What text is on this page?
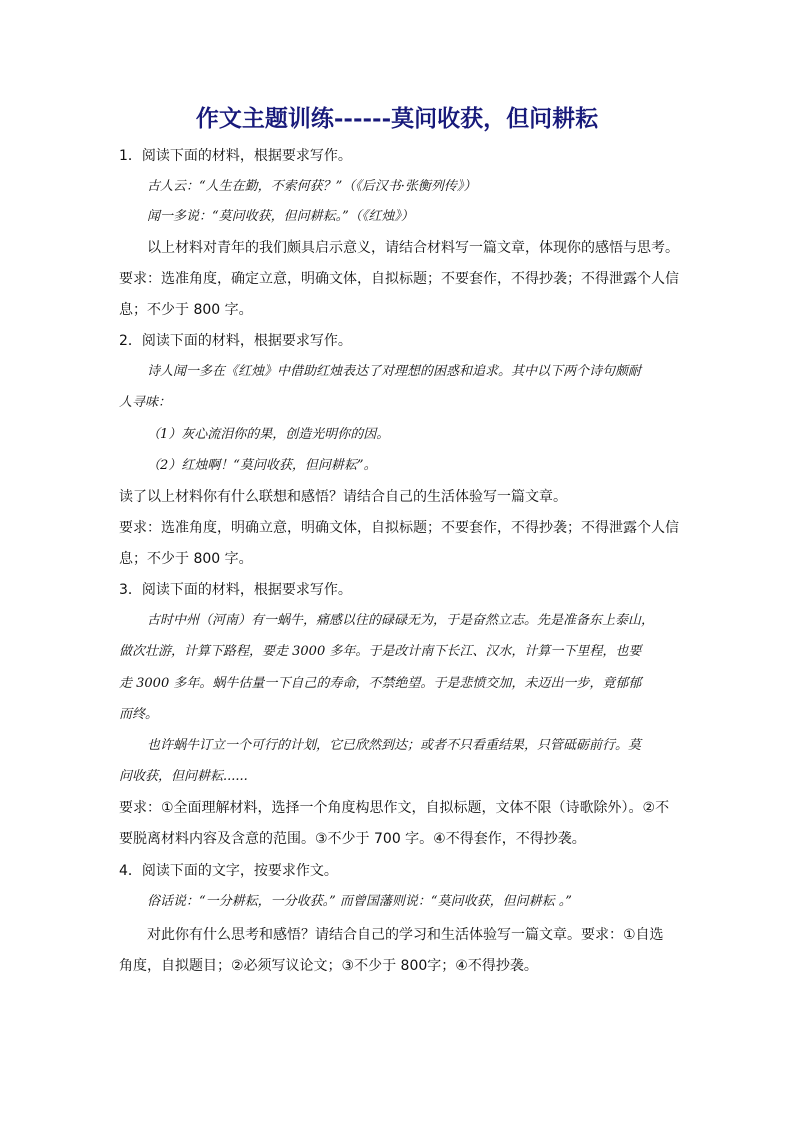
作文主题训练------莫问收获，但问耕耘

1．阅读下面的材料，根据要求写作。

古人云：“人生在勤，不索何获？”（《后汉书·张衡列传》）

闻一多说：“莫问收获，但问耕耘。”（《红烛》）

以上材料对青年的我们颇具启示意义，请结合材料写一篇文章，体现你的感悟与思考。

要求：选准角度，确定立意，明确文体，自拟标题；不要套作，不得抄袭；不得泄露个人信

息；不少于 800 字。

2．阅读下面的材料，根据要求写作。

诗人闻一多在《红烛》中借助红烛表达了对理想的困惑和追求。其中以下两个诗句颇耐

人寻味：

（1）灰心流泪你的果，创造光明你的因。

（2）红烛啊！“莫问收获，但问耕耘”。

读了以上材料你有什么联想和感悟？请结合自己的生活体验写一篇文章。

要求：选准角度，明确立意，明确文体，自拟标题；不要套作，不得抄袭；不得泄露个人信

息；不少于 800 字。

3．阅读下面的材料，根据要求写作。

古时中州（河南）有一蜗牛，痛感以往的碌碌无为，于是奋然立志。先是准备东上泰山，

做次壮游，计算下路程，要走 3000 多年。于是改计南下长江、汉水，计算一下里程，也要

走 3000 多年。蜗牛估量一下自己的寿命，不禁绝望。于是悲愤交加，未迈出一步，竟郁郁

而终。

也许蜗牛订立一个可行的计划，它已欣然到达；或者不只看重结果，只管砥砺前行。莫

问收获，但问耕耘......

要求：①全面理解材料，选择一个角度构思作文，自拟标题，文体不限（诗歌除外）。②不

要脱离材料内容及含意的范围。③不少于 700 字。④不得套作，不得抄袭。

4．阅读下面的文字，按要求作文。

俗话说：“一分耕耘，一分收获。” 而曾国藩则说：“莫问收获，但问耕耘 。”

对此你有什么思考和感悟？请结合自己的学习和生活体验写一篇文章。要求：①自选

角度，自拟题目；②必须写议论文；③不少于 800字；④不得抄袭。
